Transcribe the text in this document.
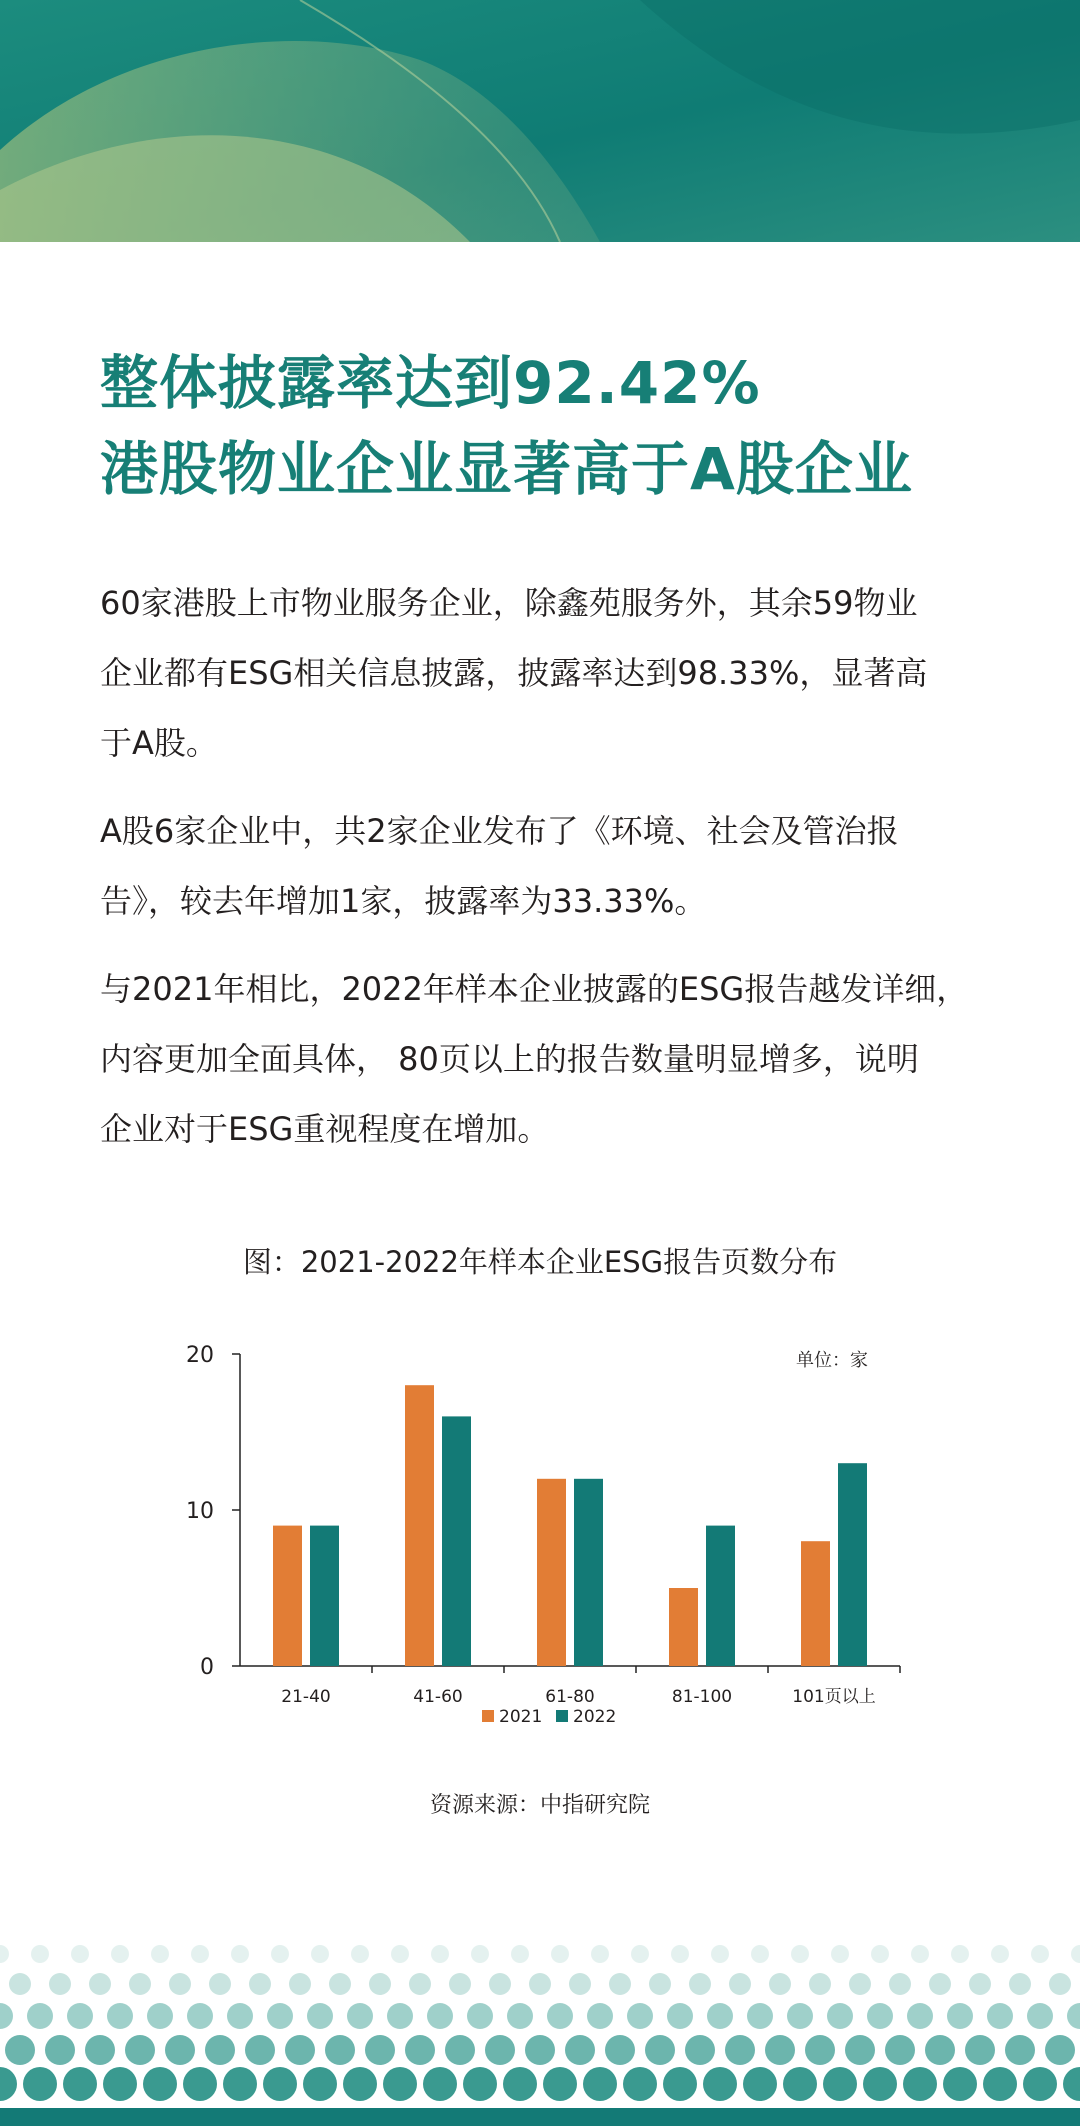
整体披露率达到92.42%
港股物业企业显著高于A股企业
60家港股上市物业服务企业，除鑫苑服务外，其余59物业
企业都有ESG相关信息披露，披露率达到98.33%，显著高
于A股。
A股6家企业中，共2家企业发布了《环境、社会及管治报
告》，较去年增加1家，披露率为33.33%。
与2021年相比，2022年样本企业披露的ESG报告越发详细，
内容更加全面具体， 80页以上的报告数量明显增多，说明
企业对于ESG重视程度在增加。
图：2021-2022年样本企业ESG报告页数分布
0
10
20
21-40	41-60	61-80	81-100	101页以上
单位：家
2021 2022
资源来源：中指研究院
